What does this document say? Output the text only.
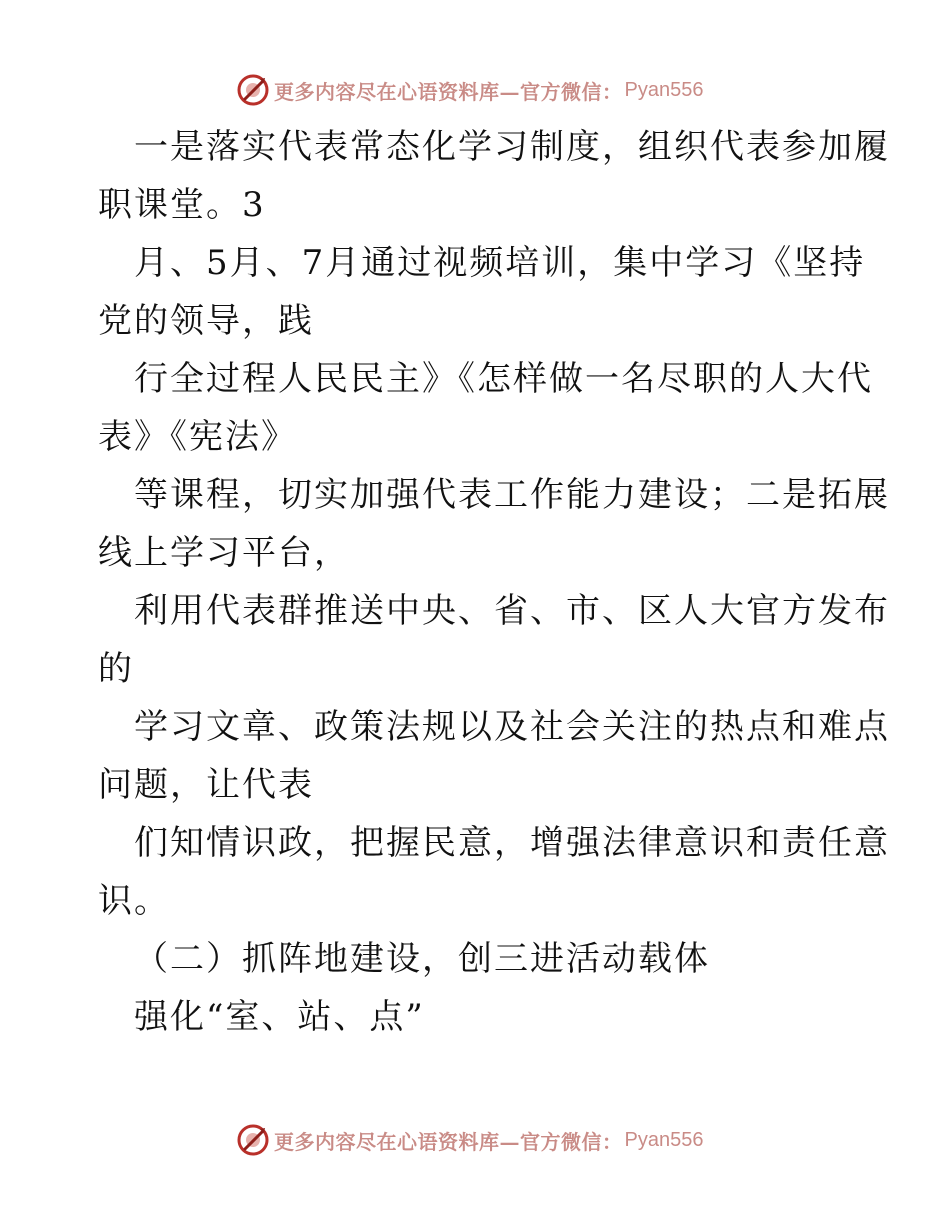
更多内容尽在心语资料库—官方微信： Pyan556
一是落实代表常态化学习制度，组织代表参加履
职课堂。3
月、5月、7月通过视频培训，集中学习《坚持
党的领导，践
行全过程人民民主》《怎样做一名尽职的人大代
表》《宪法》
等课程，切实加强代表工作能力建设；二是拓展
线上学习平台，
利用代表群推送中央、省、市、区人大官方发布
的
学习文章、政策法规以及社会关注的热点和难点
问题，让代表
们知情识政，把握民意，增强法律意识和责任意
识。
（二）抓阵地建设，创三进活动载体
强化“室、站、点”
更多内容尽在心语资料库—官方微信： Pyan556
